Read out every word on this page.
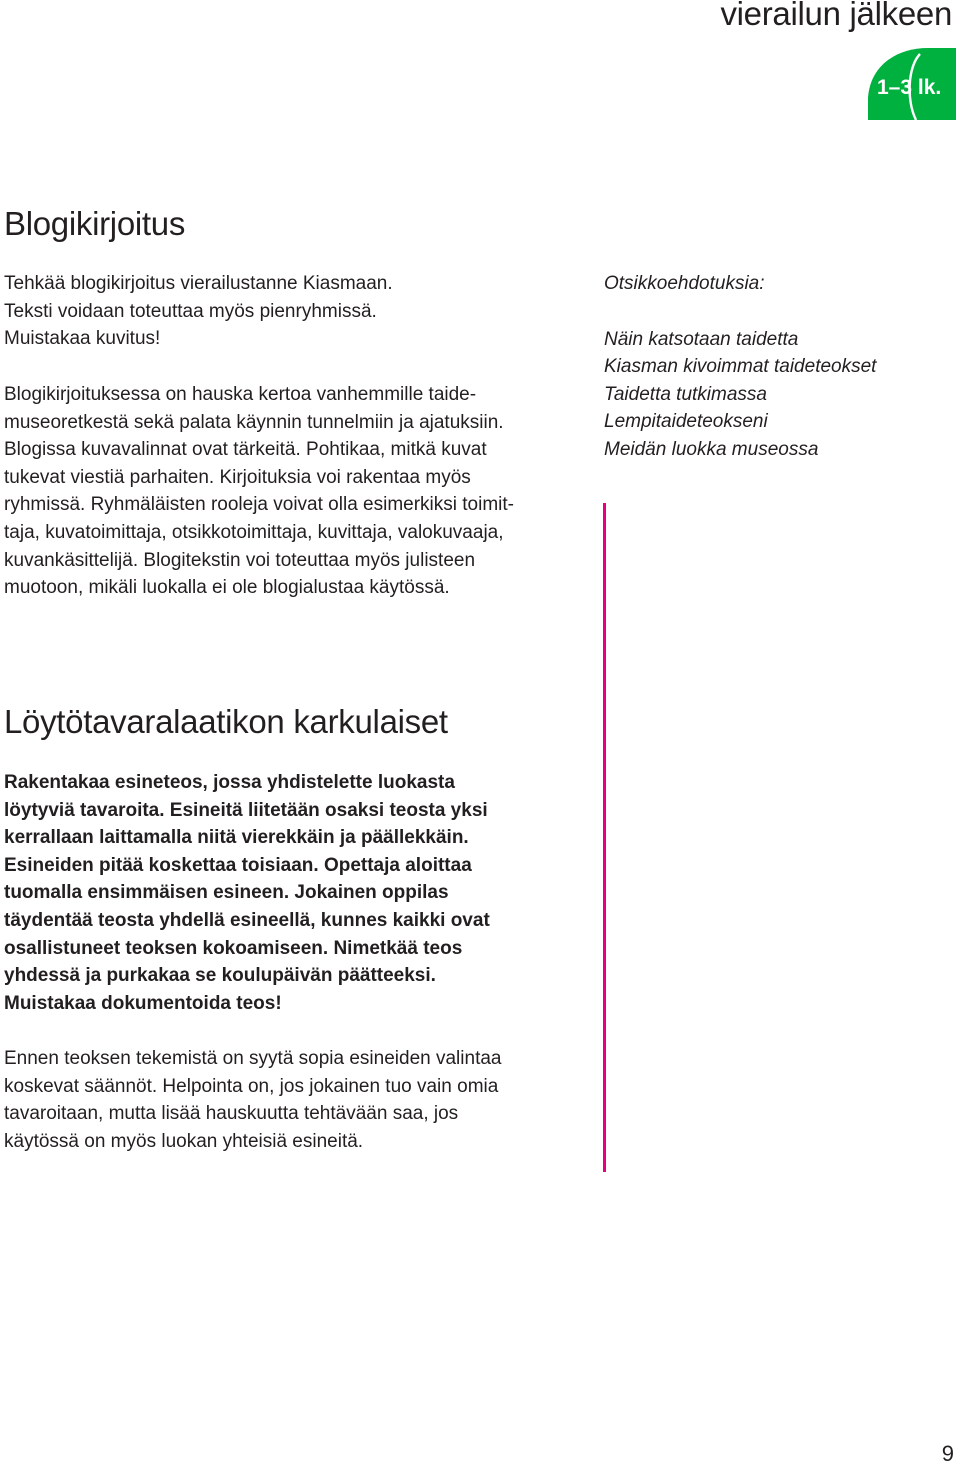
vierailun jälkeen
1–3 lk.
Blogikirjoitus
Tehkää blogikirjoitus vierailustanne Kiasmaan.
Teksti voidaan toteuttaa myös pienryhmissä.
Muistakaa kuvitus!
Blogikirjoituksessa on hauska kertoa vanhemmille taide-
museoretkestä sekä palata käynnin tunnelmiin ja ajatuksiin.
Blogissa kuvavalinnat ovat tärkeitä. Pohtikaa, mitkä kuvat
tukevat viestiä parhaiten. Kirjoituksia voi rakentaa myös
ryhmissä. Ryhmäläisten rooleja voivat olla esimerkiksi toimit-
taja, kuvatoimittaja, otsikkotoimittaja, kuvittaja, valokuvaaja,
kuvankäsittelijä. Blogitekstin voi toteuttaa myös julisteen
muotoon, mikäli luokalla ei ole blogialustaa käytössä.
Otsikkoehdotuksia:
Näin katsotaan taidetta
Kiasman kivoimmat taideteokset
Taidetta tutkimassa
Lempitaideteokseni
Meidän luokka museossa
Löytötavaralaatikon karkulaiset
Rakentakaa esineteos, jossa yhdistelette luokasta
löytyviä tavaroita. Esineitä liitetään osaksi teosta yksi
kerrallaan laittamalla niitä vierekkäin ja päällekkäin.
Esineiden pitää koskettaa toisiaan. Opettaja aloittaa
tuomalla ensimmäisen esineen. Jokainen oppilas
täydentää teosta yhdellä esineellä, kunnes kaikki ovat
osallistuneet teoksen kokoamiseen. Nimetkää teos
yhdessä ja purkakaa se koulupäivän päätteeksi.
Muistakaa dokumentoida teos!
Ennen teoksen tekemistä on syytä sopia esineiden valintaa
koskevat säännöt. Helpointa on, jos jokainen tuo vain omia
tavaroitaan, mutta lisää hauskuutta tehtävään saa, jos
käytössä on myös luokan yhteisiä esineitä.
9
